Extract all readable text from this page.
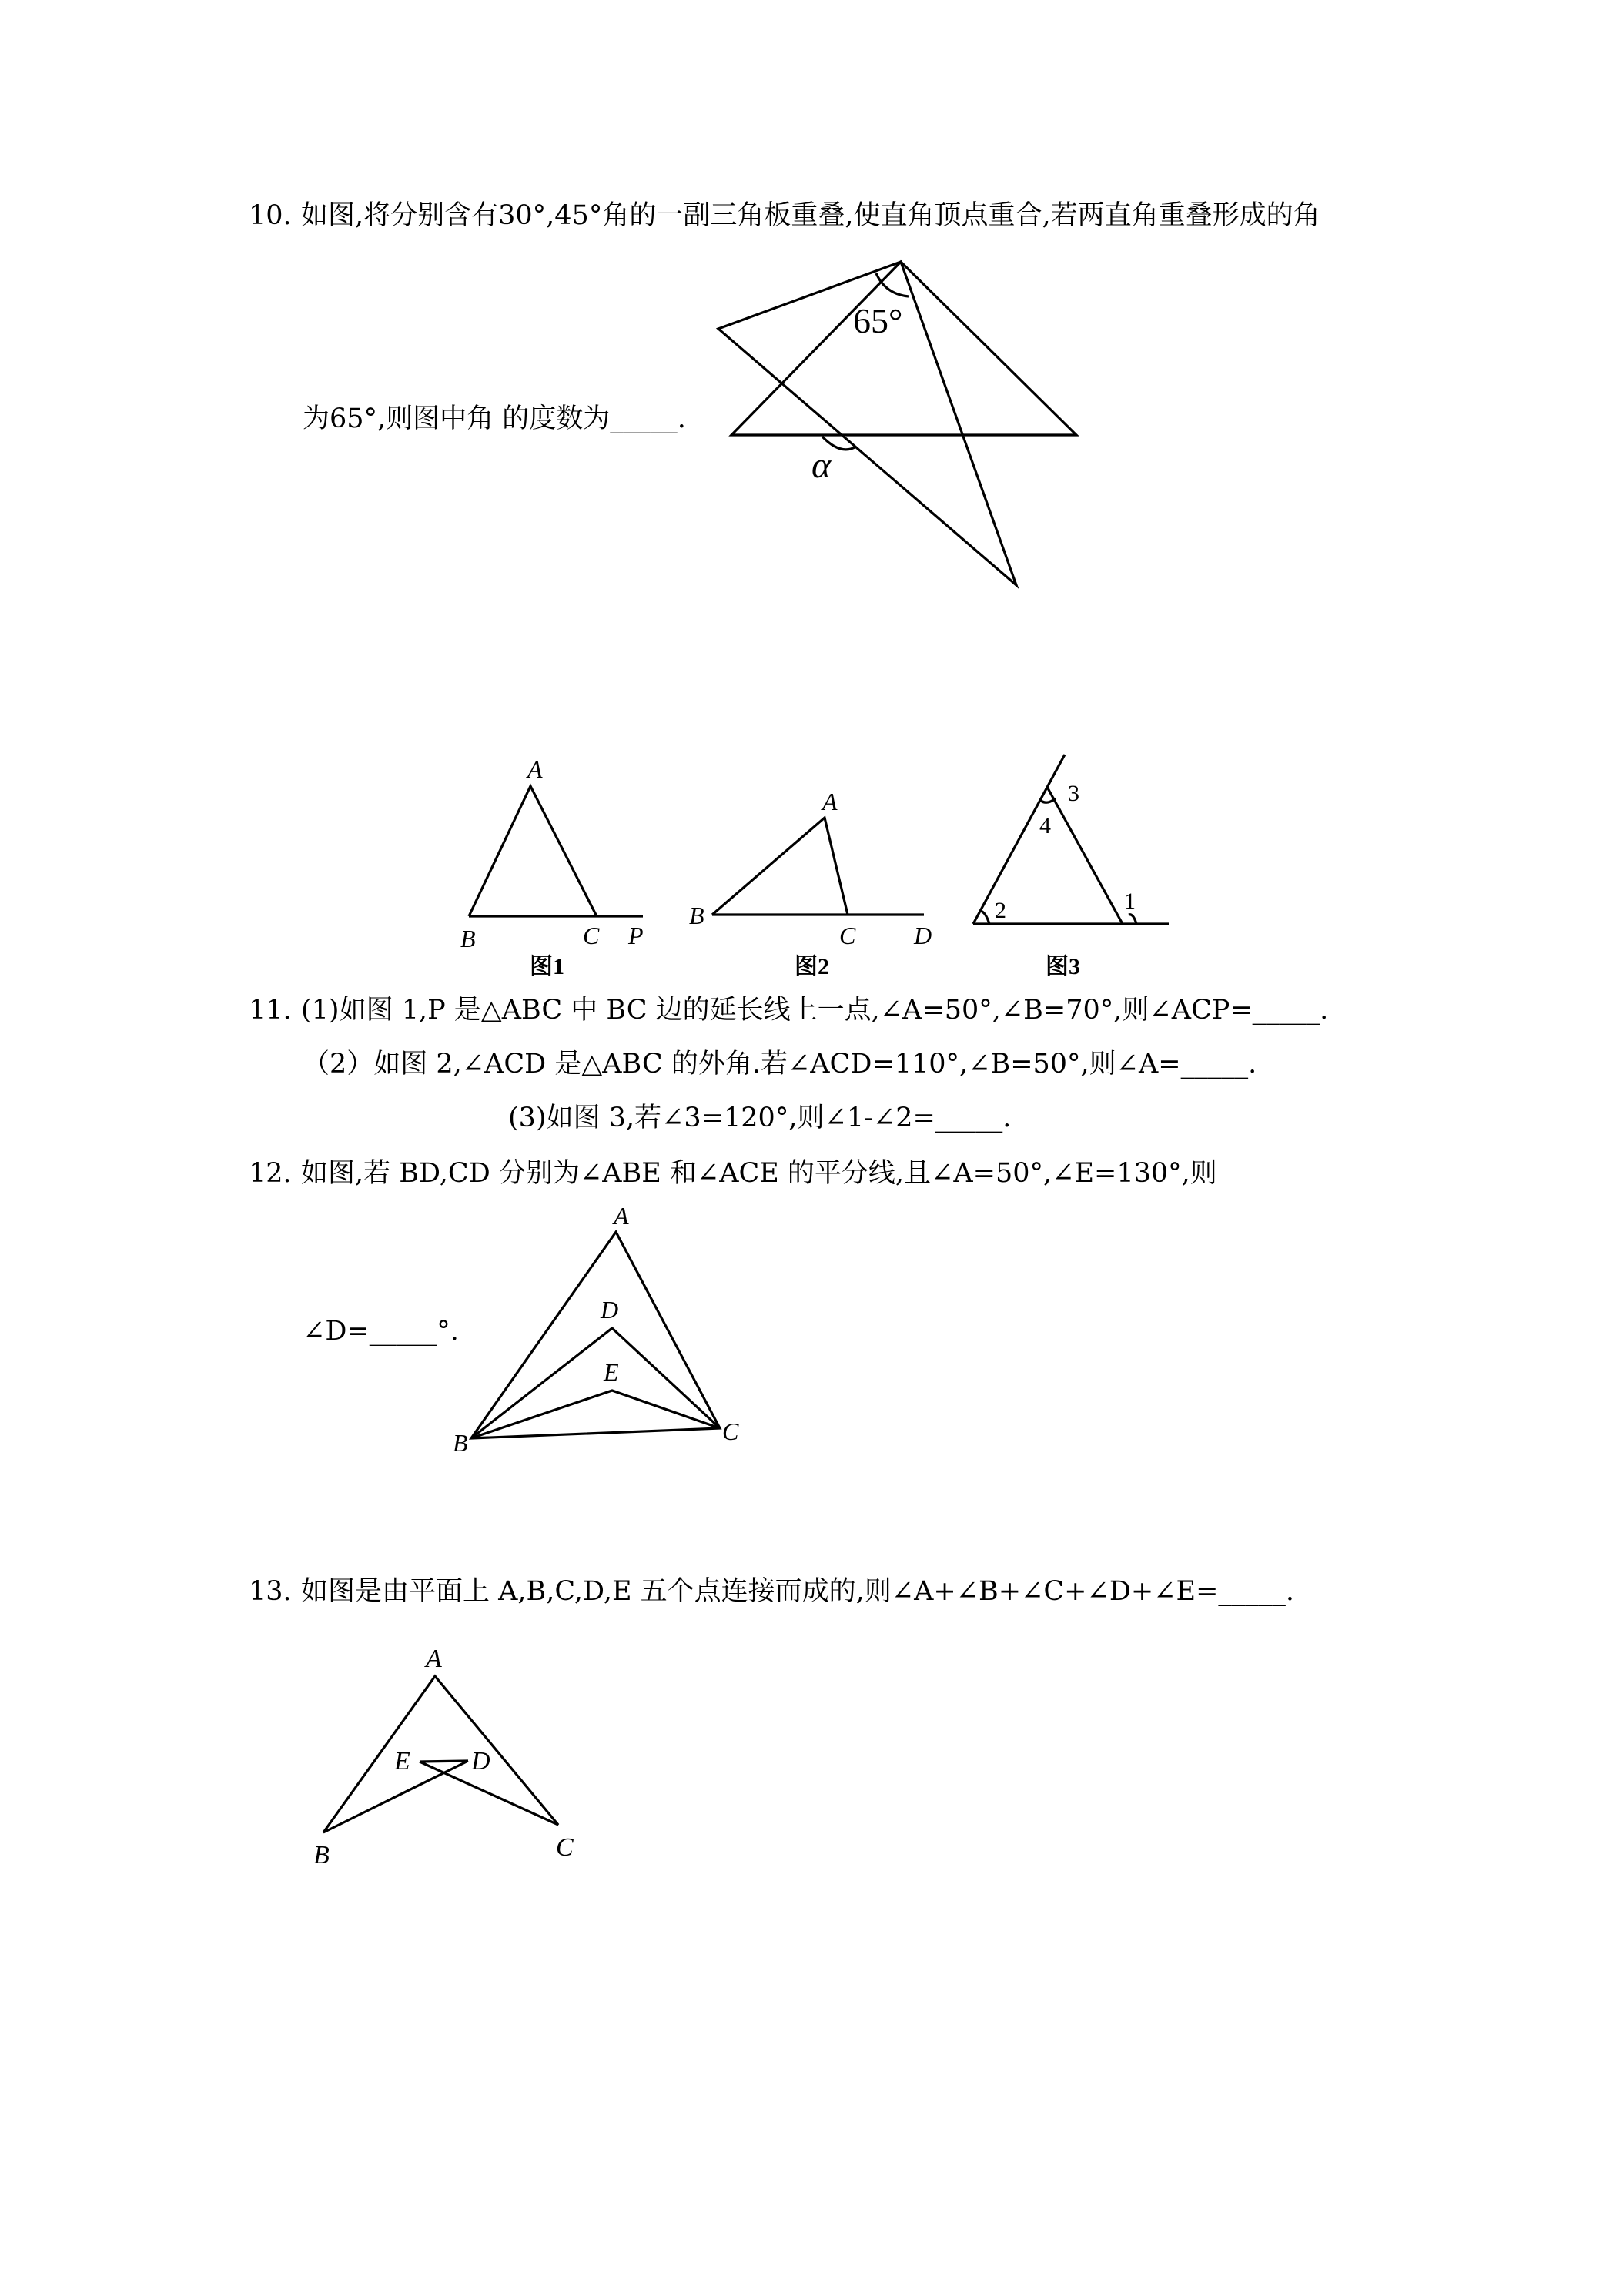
10. 如图,将分别含有30°,45°角的一副三角板重叠,使直角顶点重合,若两直角重叠形成的角
为65°,则图中角 的度数为_____.
65°
α
A
B	C P
图1
A
B
C D
图2
3
4
2	1
图3
11. (1)如图 1,P 是△ABC 中 BC 边的延长线上一点,∠A=50°,∠B=70°,则∠ACP=_____.
（2）如图 2,∠ACD 是△ABC 的外角.若∠ACD=110°,∠B=50°,则∠A=_____.
(3)如图 3,若∠3=120°,则∠1-∠2=_____.
12. 如图,若 BD,CD 分别为∠ABE 和∠ACE 的平分线,且∠A=50°,∠E=130°,则
∠D=_____°.
A
D
E
B	C
13. 如图是由平面上 A,B,C,D,E 五个点连接而成的,则∠A+∠B+∠C+∠D+∠E=_____.
A
E D
B	C
